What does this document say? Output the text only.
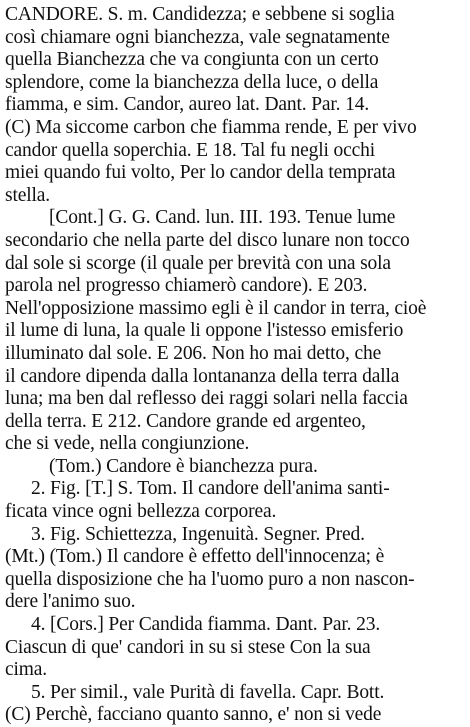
CANDORE. S. m. Candidezza; e sebbene si soglia
così chiamare ogni bianchezza, vale segnatamente
quella Bianchezza che va congiunta con un certo
splendore, come la bianchezza della luce, o della
fiamma, e sim. Candor, aureo lat. Dant. Par. 14.
(C) Ma siccome carbon che fiamma rende, E per vivo
candor quella soperchia. E 18. Tal fu negli occhi
miei quando fui volto, Per lo candor della temprata
stella.
[Cont.] G. G. Cand. lun. III. 193. Tenue lume
secondario che nella parte del disco lunare non tocco
dal sole si scorge (il quale per brevità con una sola
parola nel progresso chiamerò candore). E 203.
Nell'opposizione massimo egli è il candor in terra, cioè
il lume di luna, la quale li oppone l'istesso emisferio
illuminato dal sole. E 206. Non ho mai detto, che
il candore dipenda dalla lontananza della terra dalla
luna; ma ben dal reflesso dei raggi solari nella faccia
della terra. E 212. Candore grande ed argenteo,
che si vede, nella congiunzione.
(Tom.) Candore è bianchezza pura.
2. Fig. [T.] S. Tom. Il candore dell'anima santi-
ficata vince ogni bellezza corporea.
3. Fig. Schiettezza, Ingenuità. Segner. Pred.
(Mt.) (Tom.) Il candore è effetto dell'innocenza; è
quella disposizione che ha l'uomo puro a non nascon-
dere l'animo suo.
4. [Cors.] Per Candida fiamma. Dant. Par. 23.
Ciascun di que' candori in su si stese Con la sua
cima.
5. Per simil., vale Purità di favella. Capr. Bott.
(C) Perchè, facciano quanto sanno, e' non si vede
